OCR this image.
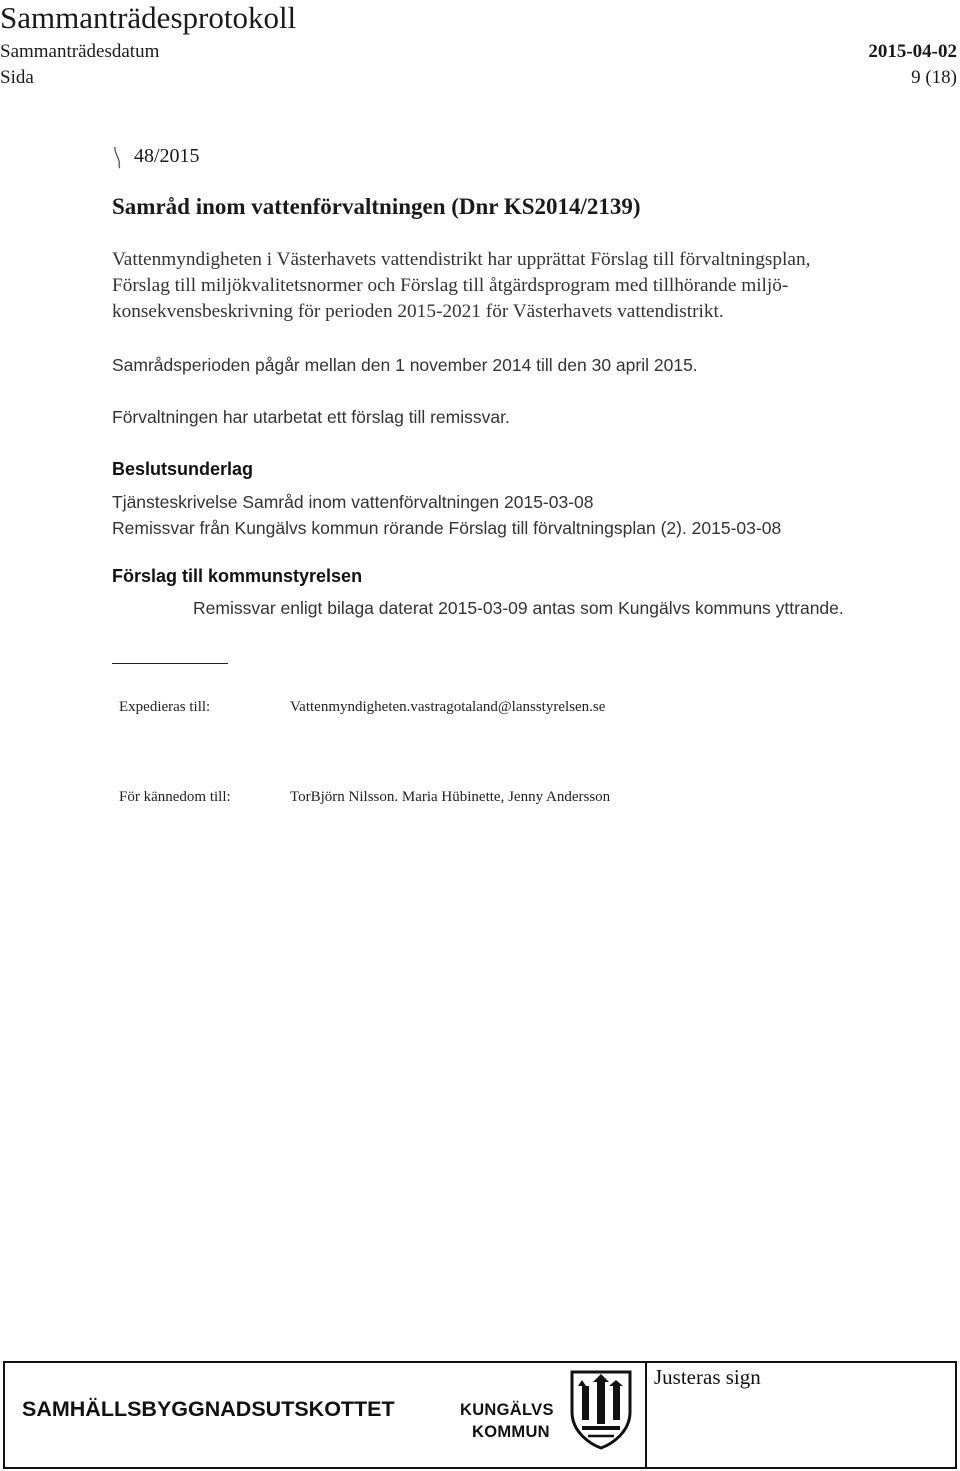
Sammanträdesprotokoll
Sammanträdesdatum	2015-04-02
Sida	9 (18)
48/2015
Samråd inom vattenförvaltningen (Dnr KS2014/2139)
Vattenmyndigheten i Västerhavets vattendistrikt har upprättat Förslag till förvaltningsplan,
Förslag till miljökvalitetsnormer och Förslag till åtgärdsprogram med tillhörande miljö-
konsekvensbeskrivning för perioden 2015-2021 för Västerhavets vattendistrikt.
Samrådsperioden pågår mellan den 1 november 2014 till den 30 april 2015.
Förvaltningen har utarbetat ett förslag till remissvar.
Beslutsunderlag
Tjänsteskrivelse Samråd inom vattenförvaltningen 2015-03-08
Remissvar från Kungälvs kommun rörande Förslag till förvaltningsplan (2). 2015-03-08
Förslag till kommunstyrelsen
Remissvar enligt bilaga daterat 2015-03-09 antas som Kungälvs kommuns yttrande.
Expedieras till:	Vattenmyndigheten.vastragotaland@lansstyrelsen.se
För kännedom till:	TorBjörn Nilsson. Maria Hübinette, Jenny Andersson
SAMHÄLLSBYGGNADSUTSKOTTET	KUNGÄLVS
KOMMUN
Justeras sign
